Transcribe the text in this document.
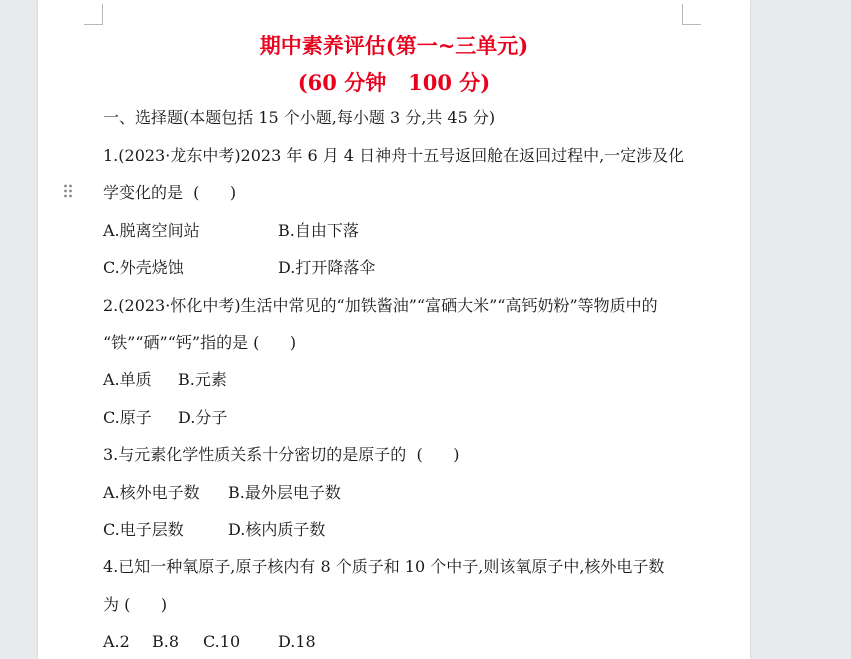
期中素养评估(第一~三单元)
(60 分钟   100 分)
一、选择题(本题包括 15 个小题,每小题 3 分,共 45 分)
1.(2023·龙东中考)2023 年 6 月 4 日神舟十五号返回舱在返回过程中,一定涉及化
学变化的是  (      )
A.脱离空间站	B.自由下落
C.外壳烧蚀	D.打开降落伞
2.(2023·怀化中考)生活中常见的“加铁酱油”“富硒大米”“高钙奶粉”等物质中的
“铁”“硒”“钙”指的是 (      )
A.单质 B.元素
C.原子 D.分子
3.与元素化学性质关系十分密切的是原子的  (      )
A.核外电子数 B.最外层电子数
C.电子层数	D.核内质子数
4.已知一种氧原子,原子核内有 8 个质子和 10 个中子,则该氧原子中,核外电子数
为 (      )
A.2 B.8 C.10 D.18
